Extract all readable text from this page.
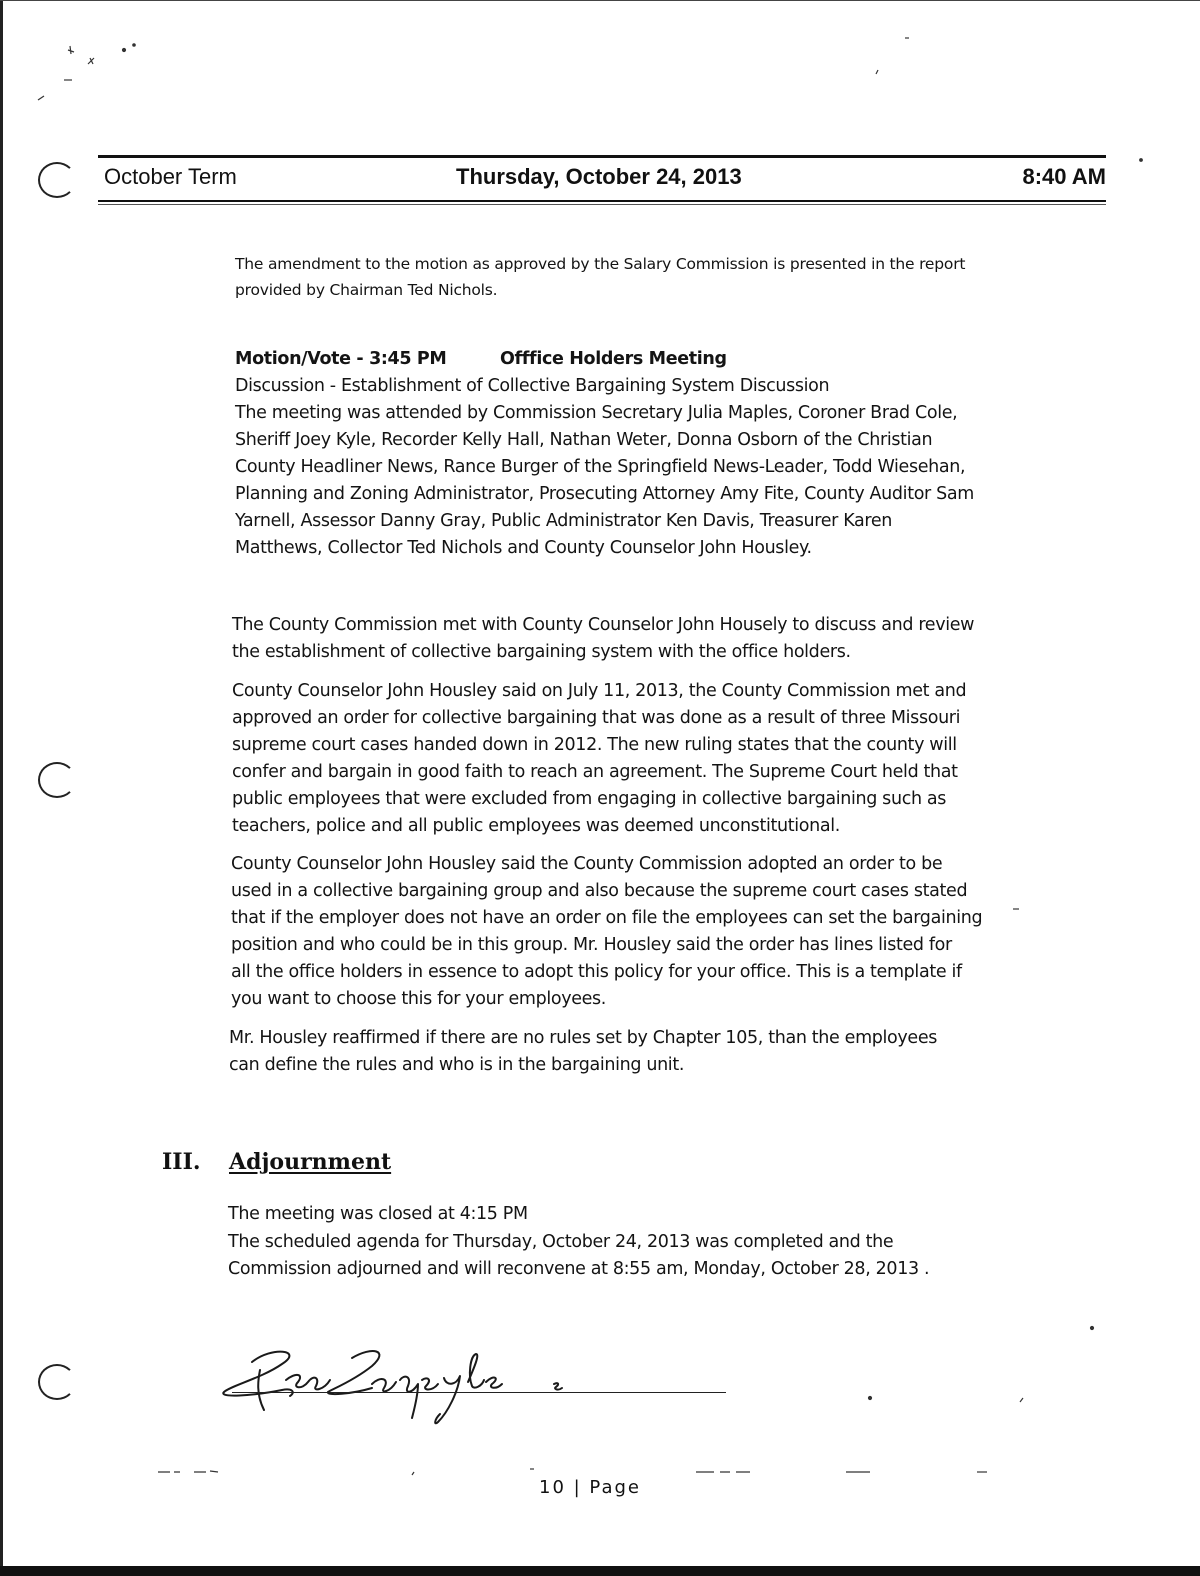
October Term	Thursday, October 24, 2013	8:40 AM
The amendment to the motion as approved by the Salary Commission is presented in the report
provided by Chairman Ted Nichols.
Motion/Vote - 3:45 PM	Offfice Holders Meeting
Discussion - Establishment of Collective Bargaining System Discussion
The meeting was attended by Commission Secretary Julia Maples, Coroner Brad Cole,
Sheriff Joey Kyle, Recorder Kelly Hall, Nathan Weter, Donna Osborn of the Christian
County Headliner News, Rance Burger of the Springfield News-Leader, Todd Wiesehan,
Planning and Zoning Administrator, Prosecuting Attorney Amy Fite, County Auditor Sam
Yarnell, Assessor Danny Gray, Public Administrator Ken Davis, Treasurer Karen
Matthews, Collector Ted Nichols and County Counselor John Housley.
The County Commission met with County Counselor John Housely to discuss and review
the establishment of collective bargaining system with the office holders.
County Counselor John Housley said on July 11, 2013, the County Commission met and
approved an order for collective bargaining that was done as a result of three Missouri
supreme court cases handed down in 2012. The new ruling states that the county will
confer and bargain in good faith to reach an agreement. The Supreme Court held that
public employees that were excluded from engaging in collective bargaining such as
teachers, police and all public employees was deemed unconstitutional.
County Counselor John Housley said the County Commission adopted an order to be
used in a collective bargaining group and also because the supreme court cases stated
that if the employer does not have an order on file the employees can set the bargaining
position and who could be in this group. Mr. Housley said the order has lines listed for
all the office holders in essence to adopt this policy for your office. This is a template if
you want to choose this for your employees.
Mr. Housley reaffirmed if there are no rules set by Chapter 105, than the employees
can define the rules and who is in the bargaining unit.
III. Adjournment
The meeting was closed at 4:15 PM
The scheduled agenda for Thursday, October 24, 2013 was completed and the
Commission adjourned and will reconvene at 8:55 am, Monday, October 28, 2013 .
10 | Page
